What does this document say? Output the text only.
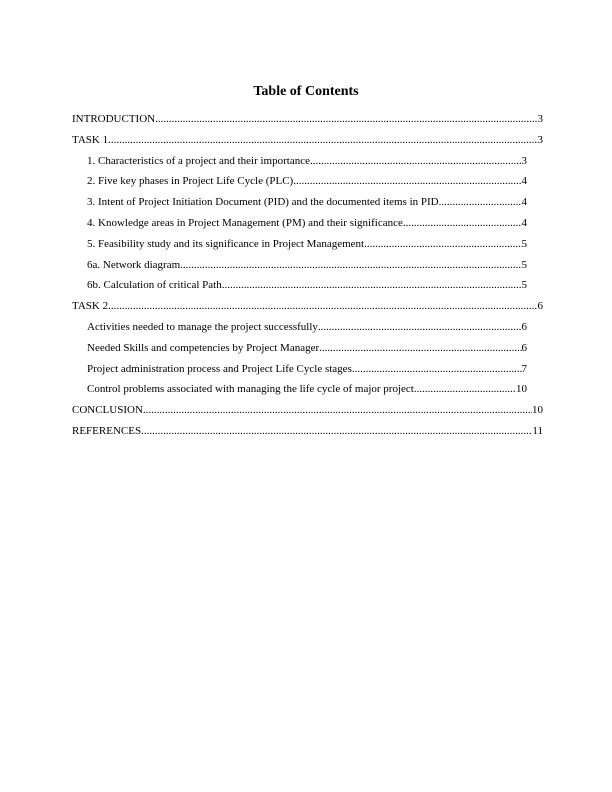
Table of Contents
INTRODUCTION .....	3
TASK 1 .....	3
1. Characteristics of a project and their importance .....	3
2. Five key phases in Project Life Cycle (PLC) .....	4
3. Intent of Project Initiation Document (PID) and the documented items in PID .....	4
4. Knowledge areas in Project Management (PM) and their significance .....	4
5. Feasibility study and its significance in Project Management .....	5
6a. Network diagram .....	5
6b. Calculation of critical Path .....	5
TASK 2 .....	6
Activities needed to manage the project successfully .....	6
Needed Skills and competencies by Project Manager .....	6
Project administration process and Project Life Cycle stages .....	7
Control problems associated with managing the life cycle of major project .....	10
CONCLUSION .....	10
REFERENCES .....	11
